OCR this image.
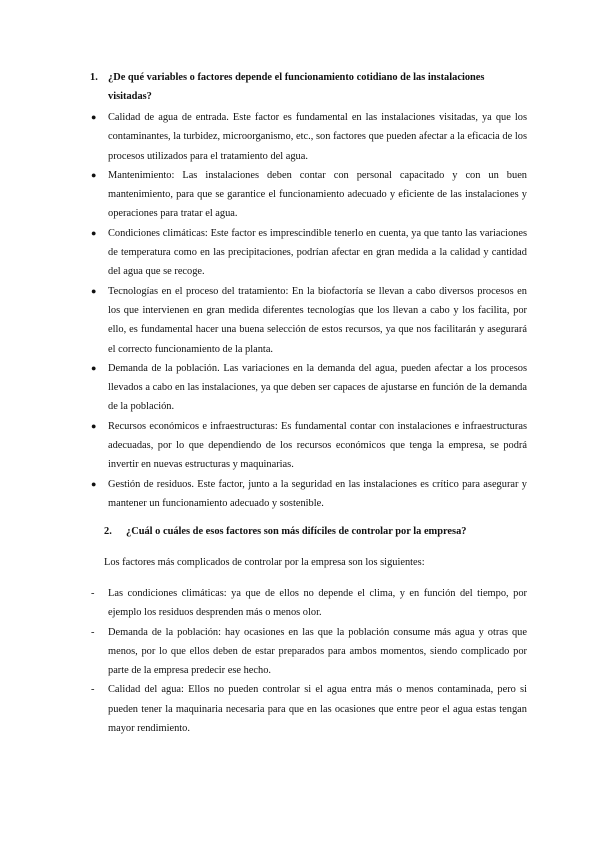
1. ¿De qué variables o factores depende el funcionamiento cotidiano de las instalaciones visitadas?
● Calidad de agua de entrada. Este factor es fundamental en las instalaciones visitadas, ya que los contaminantes, la turbidez, microorganismo, etc., son factores que pueden afectar a la eficacia de los procesos utilizados para el tratamiento del agua.
● Mantenimiento: Las instalaciones deben contar con personal capacitado y con un buen mantenimiento, para que se garantice el funcionamiento adecuado y eficiente de las instalaciones y operaciones para tratar el agua.
● Condiciones climáticas: Este factor es imprescindible tenerlo en cuenta, ya que tanto las variaciones de temperatura como en las precipitaciones, podrían afectar en gran medida a la calidad y cantidad del agua que se recoge.
● Tecnologías en el proceso del tratamiento: En la biofactoría se llevan a cabo diversos procesos en los que intervienen en gran medida diferentes tecnologías que los llevan a cabo y los facilita, por ello, es fundamental hacer una buena selección de estos recursos, ya que nos facilitarán y asegurará el correcto funcionamiento de la planta.
● Demanda de la población. Las variaciones en la demanda del agua, pueden afectar a los procesos llevados a cabo en las instalaciones, ya que deben ser capaces de ajustarse en función de la demanda de la población.
● Recursos económicos e infraestructuras: Es fundamental contar con instalaciones e infraestructuras adecuadas, por lo que dependiendo de los recursos económicos que tenga la empresa, se podrá invertir en nuevas estructuras y maquinarias.
● Gestión de residuos. Este factor, junto a la seguridad en las instalaciones es crítico para asegurar y mantener un funcionamiento adecuado y sostenible.
2. ¿Cuál o cuáles de esos factores son más difíciles de controlar por la empresa?
Los factores más complicados de controlar por la empresa son los siguientes:
- Las condiciones climáticas: ya que de ellos no depende el clima, y en función del tiempo, por ejemplo los residuos desprenden más o menos olor.
- Demanda de la población: hay ocasiones en las que la población consume más agua y otras que menos, por lo que ellos deben de estar preparados para ambos momentos, siendo complicado por parte de la empresa predecir ese hecho.
- Calidad del agua: Ellos no pueden controlar si el agua entra más o menos contaminada, pero si pueden tener la maquinaria necesaria para que en las ocasiones que entre peor el agua estas tengan mayor rendimiento.
